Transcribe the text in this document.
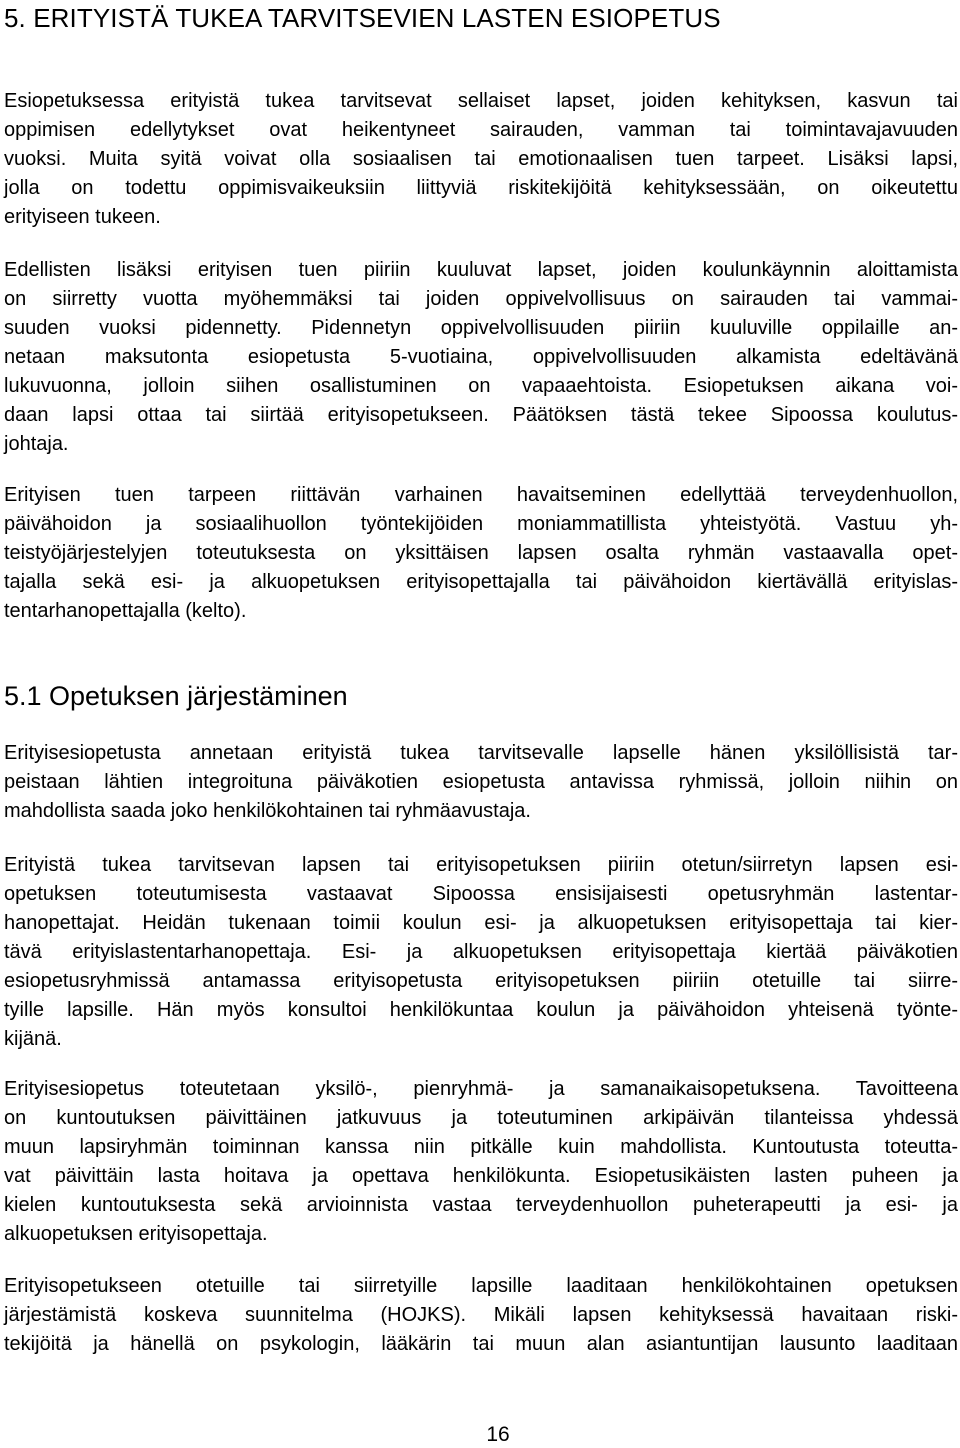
5. ERITYISTÄ TUKEA TARVITSEVIEN LASTEN ESIOPETUS

Esiopetuksessa erityistä tukea tarvitsevat sellaiset lapset, joiden kehityksen, kasvun tai
oppimisen edellytykset ovat heikentyneet sairauden, vamman tai toimintavajavuuden
vuoksi. Muita syitä voivat olla sosiaalisen tai emotionaalisen tuen tarpeet. Lisäksi lapsi,
jolla on todettu oppimisvaikeuksiin liittyviä riskitekijöitä kehityksessään, on oikeutettu
erityiseen tukeen.

Edellisten lisäksi erityisen tuen piiriin kuuluvat lapset, joiden koulunkäynnin aloittamista
on siirretty vuotta myöhemmäksi tai joiden oppivelvollisuus on sairauden tai vammai-
suuden vuoksi pidennetty. Pidennetyn oppivelvollisuuden piiriin kuuluville oppilaille an-
netaan maksutonta esiopetusta 5-vuotiaina, oppivelvollisuuden alkamista edeltävänä
lukuvuonna, jolloin siihen osallistuminen on vapaaehtoista. Esiopetuksen aikana voi-
daan lapsi ottaa tai siirtää erityisopetukseen. Päätöksen tästä tekee Sipoossa koulutus-
johtaja.

Erityisen tuen tarpeen riittävän varhainen havaitseminen edellyttää terveydenhuollon,
päivähoidon ja sosiaalihuollon työntekijöiden moniammatillista yhteistyötä. Vastuu yh-
teistyöjärjestelyjen toteutuksesta on yksittäisen lapsen osalta ryhmän vastaavalla opet-
tajalla sekä esi- ja alkuopetuksen erityisopettajalla tai päivähoidon kiertävällä erityislas-
tentarhanopettajalla (kelto).

5.1 Opetuksen järjestäminen

Erityisesiopetusta annetaan erityistä tukea tarvitsevalle lapselle hänen yksilöllisistä tar-
peistaan lähtien integroituna päiväkotien esiopetusta antavissa ryhmissä, jolloin niihin on
mahdollista saada joko henkilökohtainen tai ryhmäavustaja.

Erityistä tukea tarvitsevan lapsen tai erityisopetuksen piiriin otetun/siirretyn lapsen esi-
opetuksen toteutumisesta vastaavat Sipoossa ensisijaisesti opetusryhmän lastentar-
hanopettajat. Heidän tukenaan toimii koulun esi- ja alkuopetuksen erityisopettaja tai kier-
tävä erityislastentarhanopettaja. Esi- ja alkuopetuksen erityisopettaja kiertää päiväkotien
esiopetusryhmissä antamassa erityisopetusta erityisopetuksen piiriin otetuille tai siirre-
tyille lapsille. Hän myös konsultoi henkilökuntaa koulun ja päivähoidon yhteisenä työnte-
kijänä.

Erityisesiopetus toteutetaan yksilö-, pienryhmä- ja samanaikaisopetuksena. Tavoitteena
on kuntoutuksen päivittäinen jatkuvuus ja toteutuminen arkipäivän tilanteissa yhdessä
muun lapsiryhmän toiminnan kanssa niin pitkälle kuin mahdollista. Kuntoutusta toteutta-
vat päivittäin lasta hoitava ja opettava henkilökunta. Esiopetusikäisten lasten puheen ja
kielen kuntoutuksesta sekä arvioinnista vastaa terveydenhuollon puheterapeutti ja esi- ja
alkuopetuksen erityisopettaja.

Erityisopetukseen otetuille tai siirretyille lapsille laaditaan henkilökohtainen opetuksen
järjestämistä koskeva suunnitelma (HOJKS). Mikäli lapsen kehityksessä havaitaan riski-
tekijöitä ja hänellä on psykologin, lääkärin tai muun alan asiantuntijan lausunto laaditaan

16
